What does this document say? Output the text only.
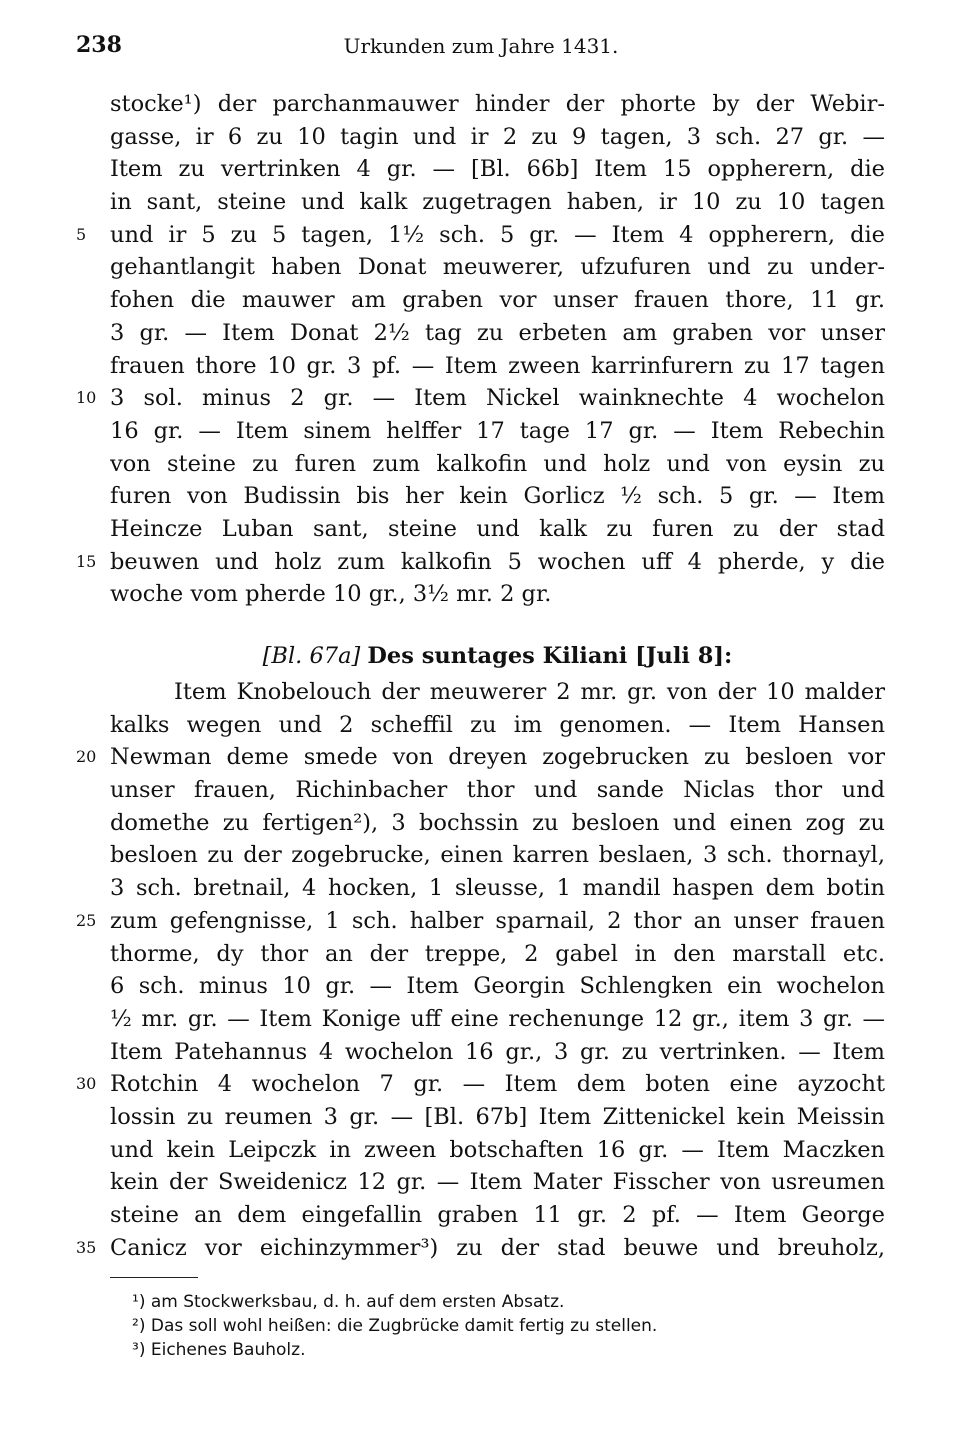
238	Urkunden zum Jahre 1431.
stocke¹) der parchanmauwer hinder der phorte by der Webir-
gasse, ir 6 zu 10 tagin und ir 2 zu 9 tagen, 3 sch. 27 gr. —
Item zu vertrinken 4 gr. — [Bl. 66b] Item 15 oppherern, die
in sant, steine und kalk zugetragen haben, ir 10 zu 10 tagen
und ir 5 zu 5 tagen, 1½ sch. 5 gr. — Item 4 oppherern, die
gehantlangit haben Donat meuwerer, ufzufuren und zu under-
fohen die mauwer am graben vor unser frauen thore, 11 gr.
3 gr. — Item Donat 2½ tag zu erbeten am graben vor unser
frauen thore 10 gr. 3 pf. — Item zween karrinfurern zu 17 tagen
3 sol. minus 2 gr. — Item Nickel wainknechte 4 wochelon
16 gr. — Item sinem helffer 17 tage 17 gr. — Item Rebechin
von steine zu furen zum kalkofin und holz und von eysin zu
furen von Budissin bis her kein Gorlicz ½ sch. 5 gr. — Item
Heincze Luban sant, steine und kalk zu furen zu der stad
beuwen und holz zum kalkofin 5 wochen uff 4 pherde, y die
woche vom pherde 10 gr., 3½ mr. 2 gr.
5
10
15
[Bl. 67a] Des suntages Kiliani [Juli 8]:
Item Knobelouch der meuwerer 2 mr. gr. von der 10 malder
kalks wegen und 2 scheffil zu im genomen. — Item Hansen
Newman deme smede von dreyen zogebrucken zu besloen vor
unser frauen, Richinbacher thor und sande Niclas thor und
domethe zu fertigen²), 3 bochssin zu besloen und einen zog zu
besloen zu der zogebrucke, einen karren beslaen, 3 sch. thornayl,
3 sch. bretnail, 4 hocken, 1 sleusse, 1 mandil haspen dem botin
zum gefengnisse, 1 sch. halber sparnail, 2 thor an unser frauen
thorme, dy thor an der treppe, 2 gabel in den marstall etc.
6 sch. minus 10 gr. — Item Georgin Schlengken ein wochelon
½ mr. gr. — Item Konige uff eine rechenunge 12 gr., item 3 gr. —
Item Patehannus 4 wochelon 16 gr., 3 gr. zu vertrinken. — Item
Rotchin 4 wochelon 7 gr. — Item dem boten eine ayzocht
lossin zu reumen 3 gr. — [Bl. 67b] Item Zittenickel kein Meissin
und kein Leipczk in zween botschaften 16 gr. — Item Maczken
kein der Sweidenicz 12 gr. — Item Mater Fisscher von usreumen
steine an dem eingefallin graben 11 gr. 2 pf. — Item George
Canicz vor eichinzymmer³) zu der stad beuwe und breuholz,
20
25
30
35
¹) am Stockwerksbau, d. h. auf dem ersten Absatz.
²) Das soll wohl heißen: die Zugbrücke damit fertig zu stellen.
³) Eichenes Bauholz.
